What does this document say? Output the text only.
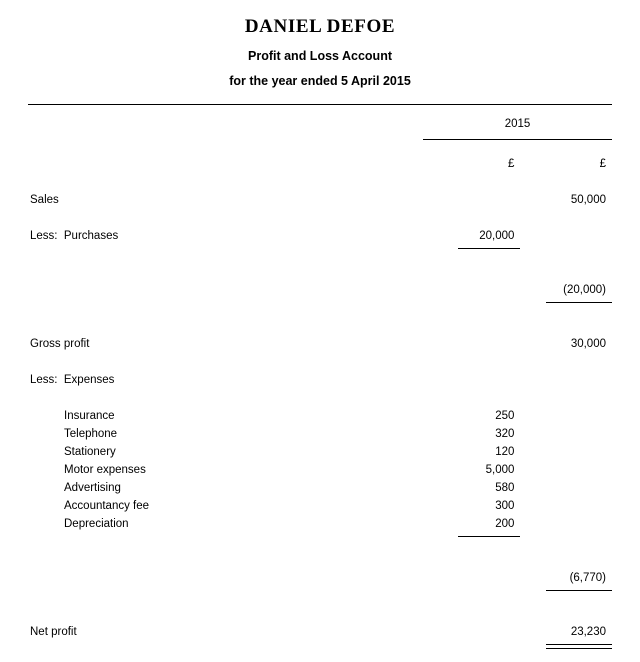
DANIEL DEFOE
Profit and Loss Account
for the year ended 5 April 2015
	2015	

	£	£

Sales		50,000

Less:  Purchases	20,000	

		(20,000)

Gross profit		30,000

Less:  Expenses		

Insurance	250	
Telephone	320	
Stationery	120	
Motor expenses	5,000	
Advertising	580	
Accountancy fee	300	
Depreciation	200	

		(6,770)

Net profit		23,230
